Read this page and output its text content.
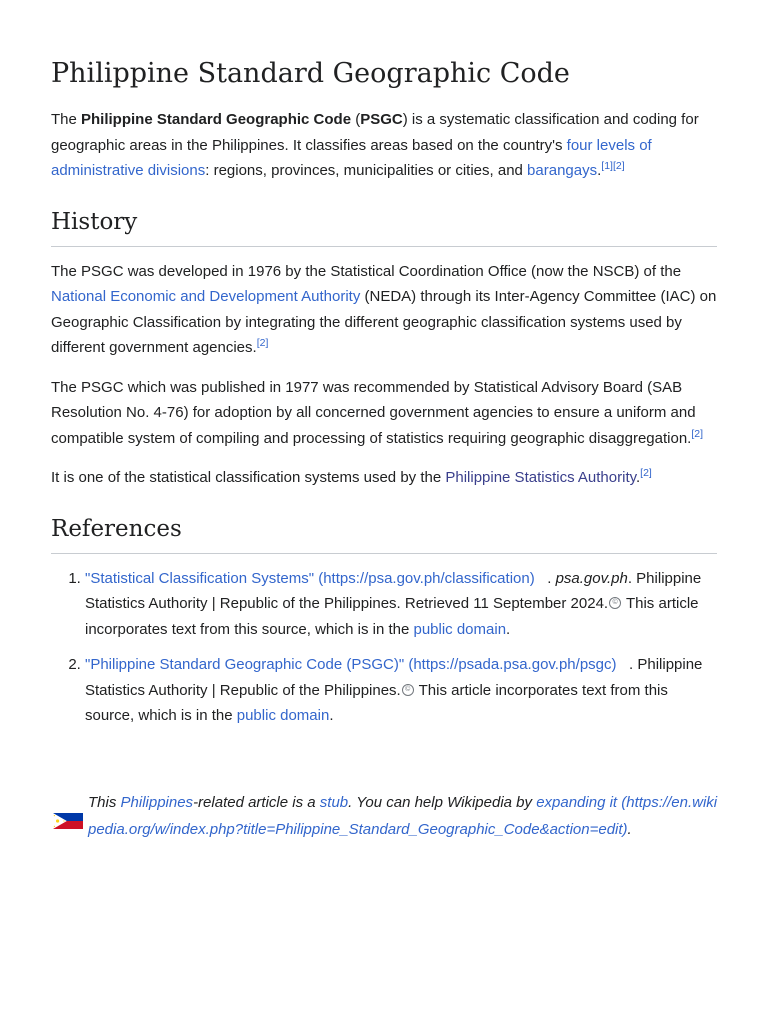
Philippine Standard Geographic Code

The Philippine Standard Geographic Code (PSGC) is a systematic classification and coding for geographic areas in the Philippines. It classifies areas based on the country's four levels of administrative divisions: regions, provinces, municipalities or cities, and barangays.[1][2]

History

The PSGC was developed in 1976 by the Statistical Coordination Office (now the NSCB) of the National Economic and Development Authority (NEDA) through its Inter-Agency Committee (IAC) on Geographic Classification by integrating the different geographic classification systems used by different government agencies.[2]

The PSGC which was published in 1977 was recommended by Statistical Advisory Board (SAB Resolution No. 4-76) for adoption by all concerned government agencies to ensure a uniform and compatible system of compiling and processing of statistics requiring geographic disaggregation.[2]

It is one of the statistical classification systems used by the Philippine Statistics Authority.[2]

References
1. "Statistical Classification Systems" (https://psa.gov.ph/classification)   . psa.gov.ph. Philippine Statistics Authority | Republic of the Philippines. Retrieved 11 September 2024. © This article incorporates text from this source, which is in the public domain.
2. "Philippine Standard Geographic Code (PSGC)" (https://psada.psa.gov.ph/psgc)   . Philippine Statistics Authority | Republic of the Philippines. © This article incorporates text from this source, which is in the public domain.
This Philippines-related article is a stub. You can help Wikipedia by expanding it (https://en.wikipedia.org/w/index.php?title=Philippine_Standard_Geographic_Code&action=edit).
